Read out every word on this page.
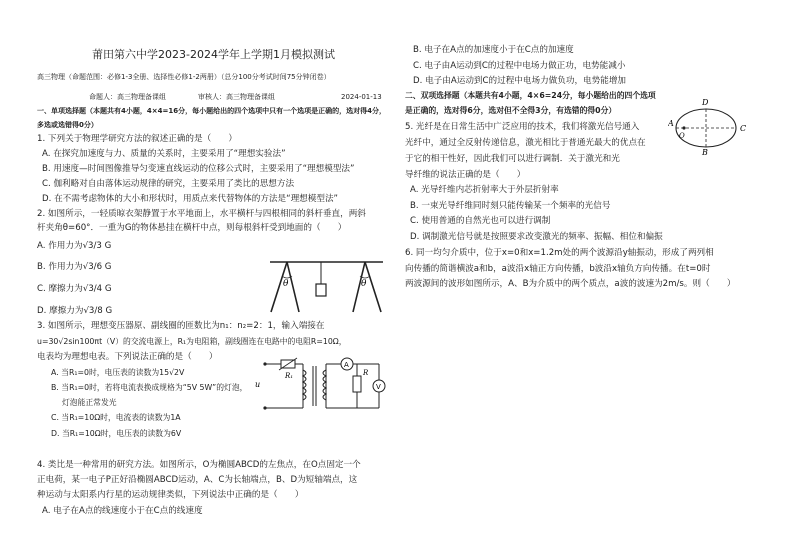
莆田第六中学2023-2024学年上学期1月模拟测试
高三物理（命题范围：必修1-3全册、选择性必修1-2两册）（总分100分考试时间75分钟闭卷）
命题人：高三物理备课组	审核人：高三物理备课组	2024-01-13
一、单项选择题（本题共有4小题，4×4=16分，每小题给出的四个选项中只有一个选项是正确的，选对得4分，
多选或选错得0分）
1. 下列关于物理学研究方法的叙述正确的是（　　）
A. 在探究加速度与力、质量的关系时，主要采用了“理想实验法”
B. 用速度—时间图像推导匀变速直线运动的位移公式时，主要采用了“理想模型法”
C. 伽利略对自由落体运动规律的研究，主要采用了类比的思想方法
D. 在不需考虑物体的大小和形状时，用质点来代替物体的方法是“理想模型法”
2. 如图所示，一轻质晾衣架静置于水平地面上，水平横杆与四根相同的斜杆垂直，两斜
杆夹角θ=60°．一重为G的物体悬挂在横杆中点，则每根斜杆受到地面的（　　）
A. 作用力为√3/3 G
B. 作用力为√3/6 G
C. 摩擦力为√3/4 G
D. 摩擦力为√3/8 G
θ	θ
3. 如图所示，理想变压器原、副线圈的匝数比为n₁：n₂=2：1，输入端接在
u=30√2sin100πt（V）的交流电源上，R₁为电阻箱，副线圈连在电路中的电阻R=10Ω，
电表均为理想电表。下列说法正确的是（　　）
A. 当R₁=0时，电压表的读数为15√2V
B. 当R₁=0时，若将电流表换成规格为“5V 5W”的灯泡，
灯泡能正常发光
C. 当R₁=10Ω时，电流表的读数为1A
D. 当R₁=10Ω时，电压表的读数为6V
u
R₁
A
R
V
4. 类比是一种常用的研究方法。如图所示，O为椭圆ABCD的左焦点，在O点固定一个
正电荷，某一电子P正好沿椭圆ABCD运动，A、C为长轴端点，B、D为短轴端点，这
种运动与太阳系内行星的运动规律类似，下列说法中正确的是（　　）
A. 电子在A点的线速度小于在C点的线速度
B. 电子在A点的加速度小于在C点的加速度
C. 电子由A运动到C的过程中电场力做正功，电势能减小
D. 电子由A运动到C的过程中电场力做负功，电势能增加
二、双项选择题（本题共有4小题，4×6=24分，每小题给出的四个选项
是正确的，选对得6分，选对但不全得3分，有选错的得0分）
5. 光纤是在日常生活中广泛应用的技术，我们将激光信号通入
光纤中，通过全反射传递信息，激光相比于普通光最大的优点在
于它的相干性好，因此我们可以进行调制．关于激光和光
导纤维的说法正确的是（　　）
A. 光导纤维内芯折射率大于外层折射率
B. 一束光导纤维同时刻只能传输某一个频率的光信号
C. 使用普通的自然光也可以进行调制
D. 调制激光信号就是按照要求改变激光的频率、振幅、相位和偏振
A
C
D
B
O
6. 同一均匀介质中，位于x=0和x=1.2m处的两个波源沿y轴振动，形成了两列相
向传播的简谐横波a和b，a波沿x轴正方向传播，b波沿x轴负方向传播。在t=0时
两波源间的波形如图所示，A、B为介质中的两个质点，a波的波速为2m/s。则（　　）
